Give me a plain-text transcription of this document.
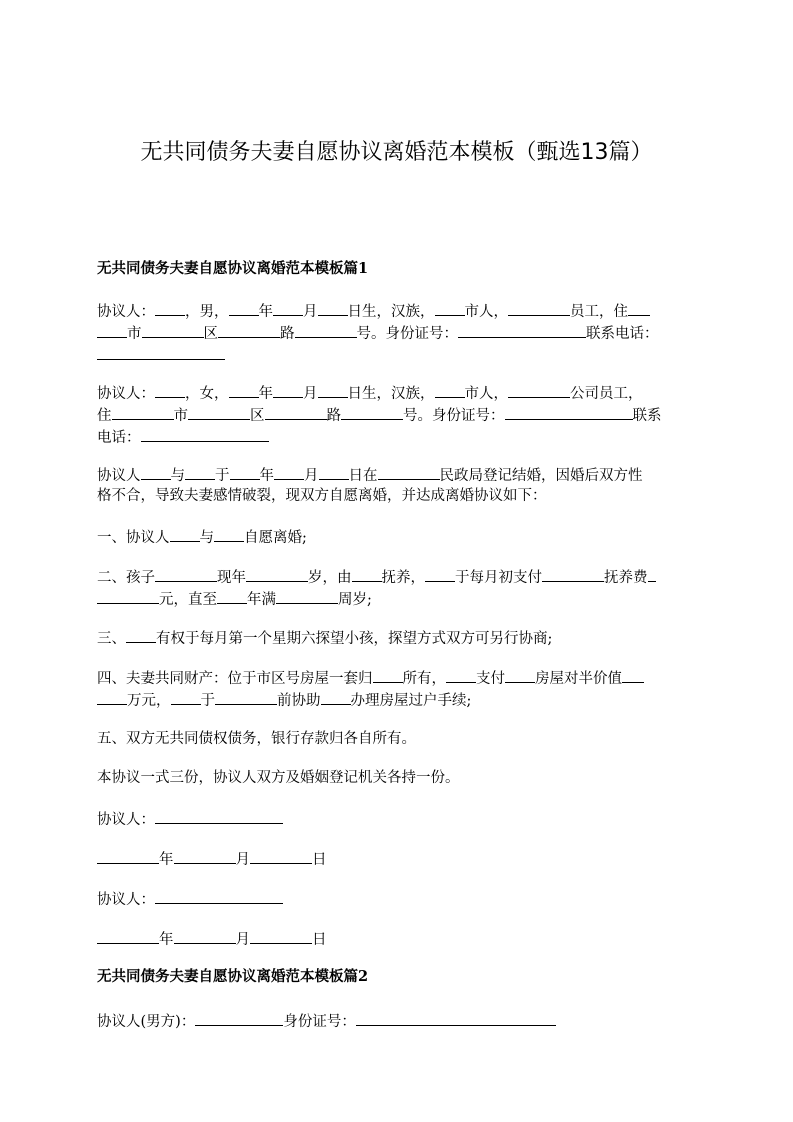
无共同债务夫妻自愿协议离婚范本模板（甄选13篇）
无共同债务夫妻自愿协议离婚范本模板篇1
协议人： ，男， 年 月 日生，汉族， 市人，	员工，住
市	区	路	号。身份证号：	联系电话：
协议人： ，女， 年 月 日生，汉族， 市人，	公司员工，
住	市	区	路	号。身份证号：	联系
电话：
协议人 与 于 年 月 日在	民政局登记结婚，因婚后双方性
格不合，导致夫妻感情破裂，现双方自愿离婚，并达成离婚协议如下：
一、协议人 与 自愿离婚;
二、孩子	现年	岁，由 抚养， 于每月初支付	抚养费
元，直至 年满	周岁;
三、 有权于每月第一个星期六探望小孩，探望方式双方可另行协商;
四、夫妻共同财产：位于市区号房屋一套归 所有， 支付 房屋对半价值
万元， 于	前协助 办理房屋过户手续;
五、双方无共同债权债务，银行存款归各自所有。
本协议一式三份，协议人双方及婚姻登记机关各持一份。
协议人：
年	月	日
协议人：
年	月	日
无共同债务夫妻自愿协议离婚范本模板篇2
协议人(男方)：	身份证号：
